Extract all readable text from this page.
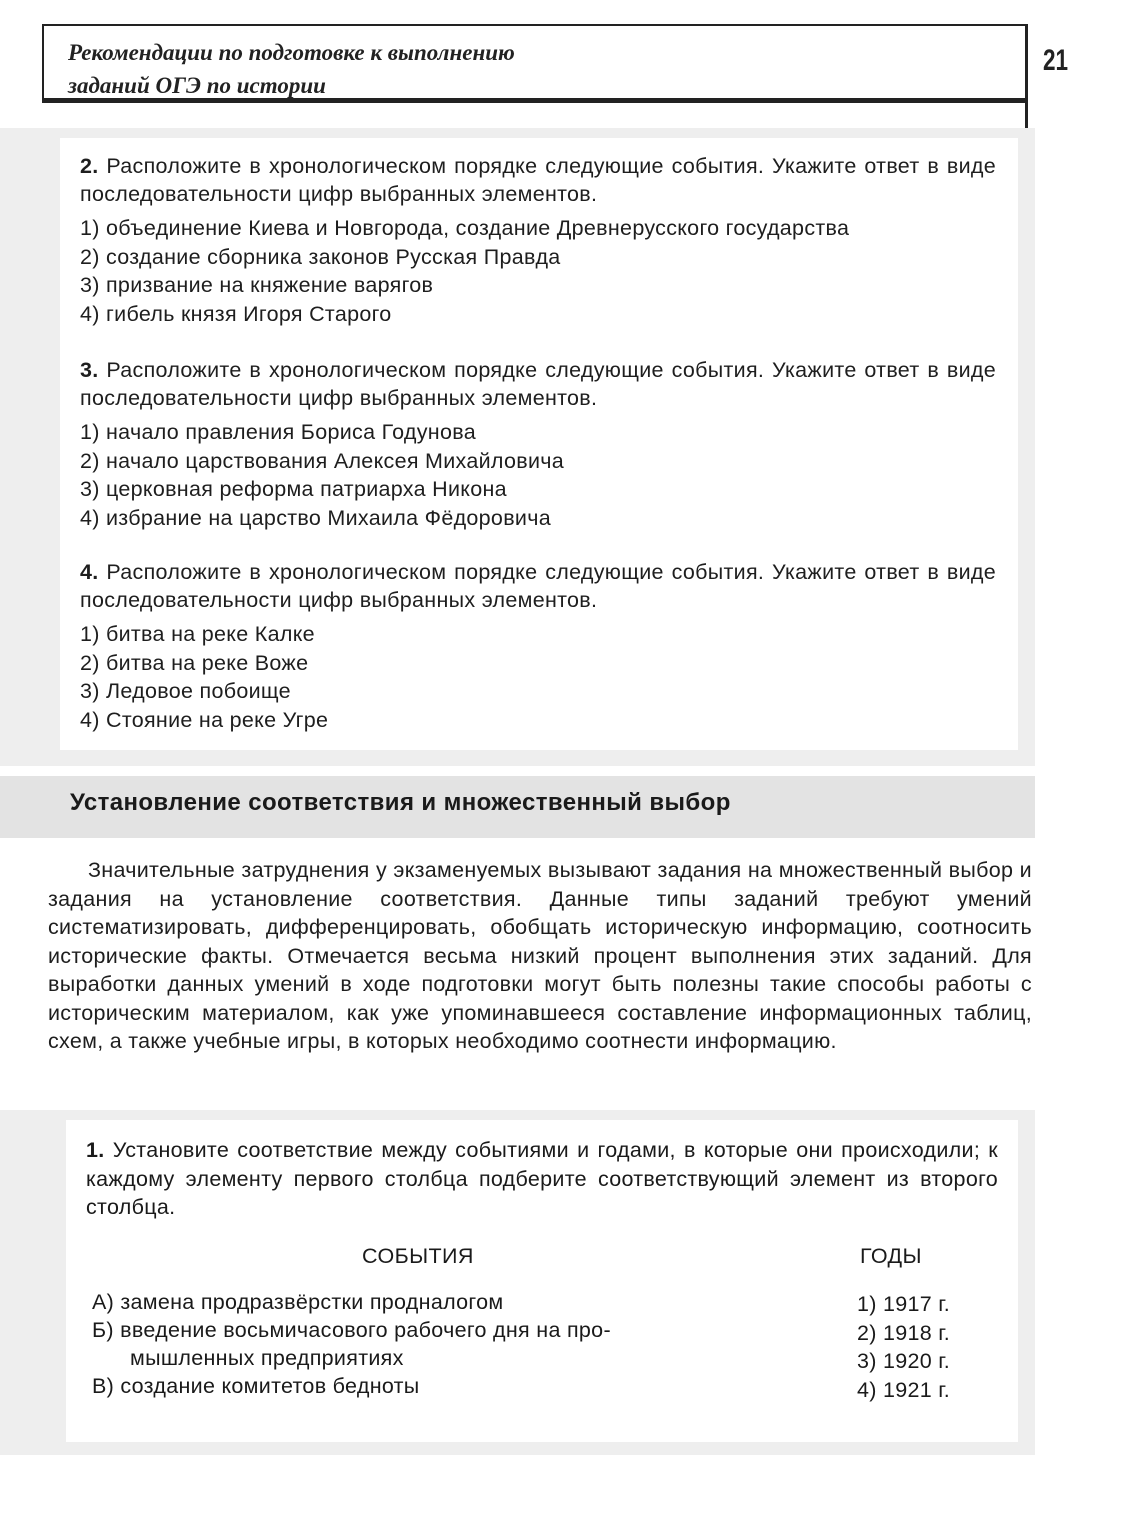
Рекомендации по подготовке к выполнению
заданий ОГЭ по истории
21
2. Расположите в хронологическом порядке следующие события. Укажите ответ в виде последовательности цифр выбранных элементов.
1) объединение Киева и Новгорода, создание Древнерусского государства
2) создание сборника законов Русская Правда
3) призвание на княжение варягов
4) гибель князя Игоря Старого
3. Расположите в хронологическом порядке следующие события. Укажите ответ в виде последовательности цифр выбранных элементов.
1) начало правления Бориса Годунова
2) начало царствования Алексея Михайловича
3) церковная реформа патриарха Никона
4) избрание на царство Михаила Фёдоровича
4. Расположите в хронологическом порядке следующие события. Укажите ответ в виде последовательности цифр выбранных элементов.
1) битва на реке Калке
2) битва на реке Воже
3) Ледовое побоище
4) Стояние на реке Угре
Установление соответствия и множественный выбор
Значительные затруднения у экзаменуемых вызывают задания на множественный выбор и задания на установление соответствия. Данные типы заданий требуют умений систематизировать, дифференцировать, обобщать историческую информацию, соотносить исторические факты. Отмечается весьма низкий процент выполнения этих заданий. Для выработки данных умений в ходе подготовки могут быть полезны такие способы работы с историческим материалом, как уже упоминавшееся составление информационных таблиц, схем, а также учебные игры, в которых необходимо соотнести информацию.
1. Установите соответствие между событиями и годами, в которые они происходили; к каждому элементу первого столбца подберите соответствующий элемент из второго столбца.
СОБЫТИЯ	ГОДЫ
А) замена продразвёрстки продналогом
Б) введение восьмичасового рабочего дня на про-
мышленных предприятиях
В) создание комитетов бедноты
1) 1917 г.
2) 1918 г.
3) 1920 г.
4) 1921 г.
